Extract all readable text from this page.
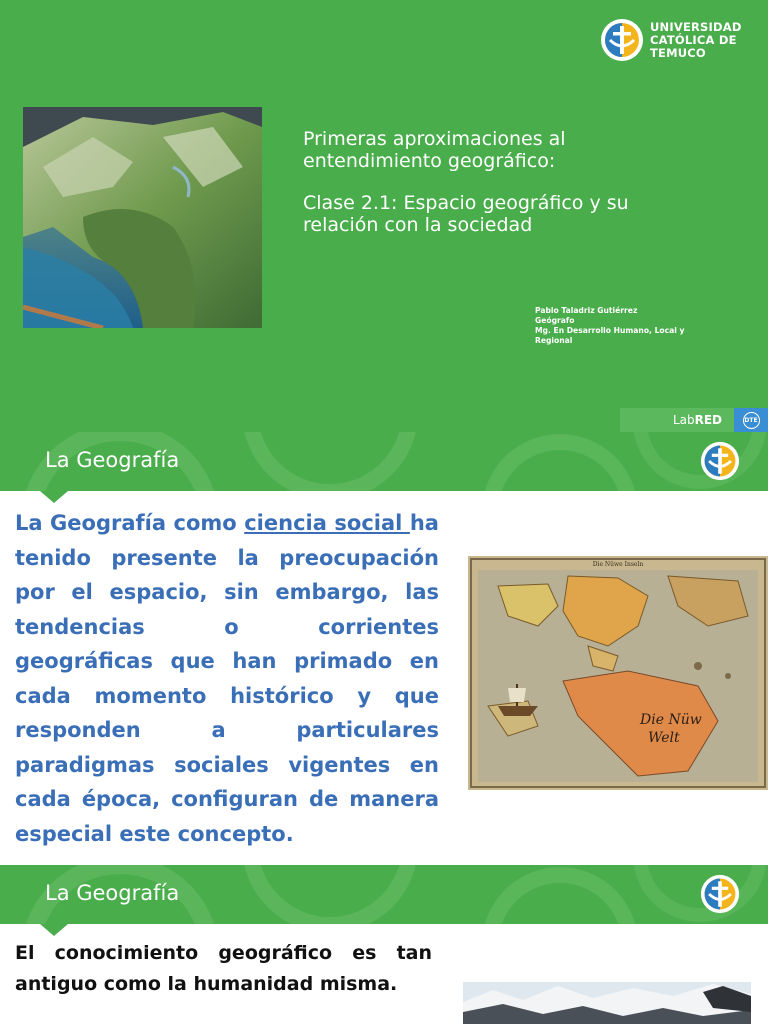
UNIVERSIDAD
CATÓLICA DE
TEMUCO

Primeras aproximaciones al
entendimiento geográfico:

Clase 2.1: Espacio geográfico y su
relación con la sociedad

Pablo Taladriz Gutiérrez
Geógrafo
Mg. En Desarrollo Humano, Local y
Regional
LabRED	DTE
La Geografía
La Geografía como ciencia social ha tenido presente la preocupación por el espacio, sin embargo, las tendencias o corrientes geográficas que han primado en cada momento histórico y que responden a particulares paradigmas sociales vigentes en cada época, configuran de manera especial este concepto.
Die Nüwe Inseln
Die Nüw
Welt
La Geografía
El conocimiento geográfico es tan antiguo como la humanidad misma.
